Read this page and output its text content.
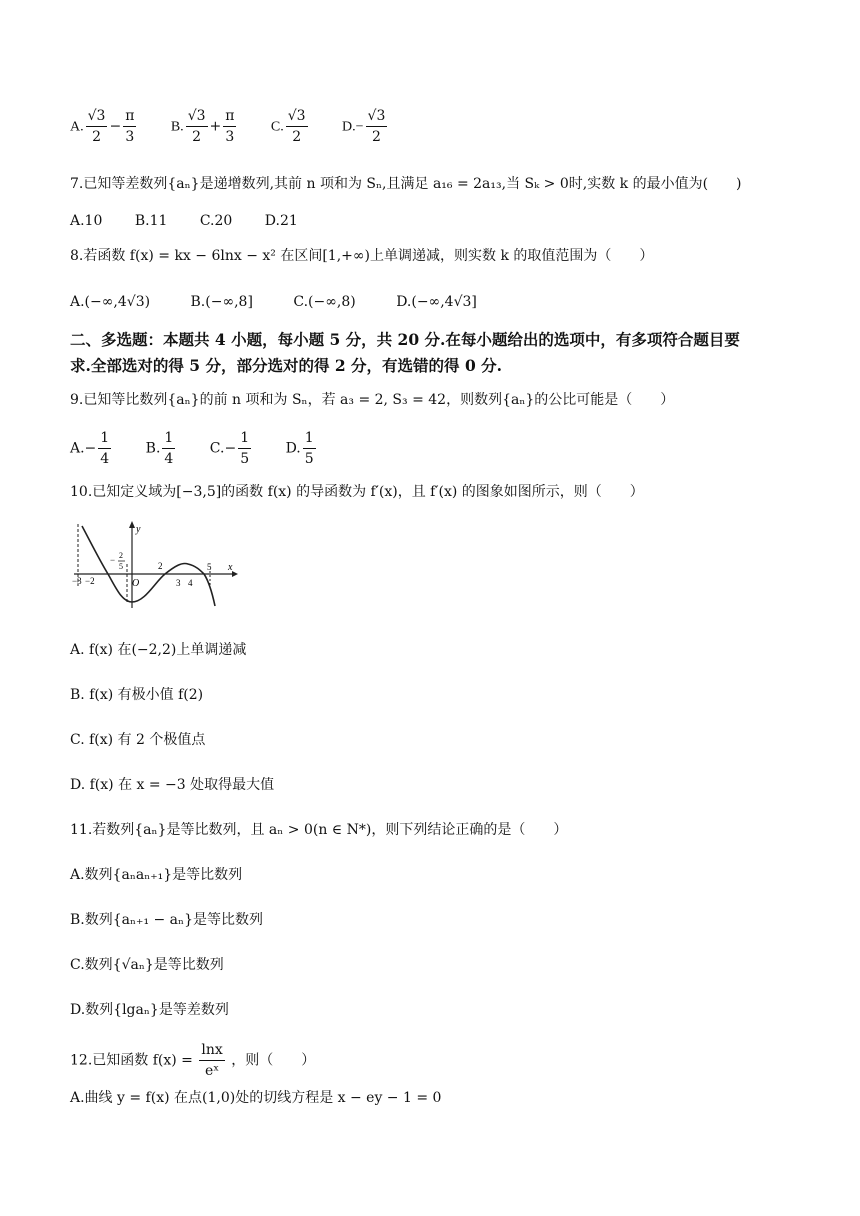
A. $\frac{√3}{2} - \frac{\pi}{3} B$. $\frac{√3}{2} + \frac{\pi}{3} C$. $\frac{√3}{2} D.- \frac{√3}{2}$
7.已知等差数列{aₙ}是递增数列,其前 n 项和为 Sₙ,且满足 a₁₆ = 2a₁₃,当 Sₖ > 0时,实数 k 的最小值为(　　)
A.10 B.11 C.20 D.21
8.若函数 f(x) = kx − 6lnx − x² 在区间[1,+∞)上单调递减，则实数 k 的取值范围为（　　）
A.(−∞,4√3)	B.(−∞,8]	C.(−∞,8)	D.(−∞,4√3]
二、多选题：本题共 4 小题，每小题 5 分，共 20 分.在每小题给出的选项中，有多项符合题目要
求.全部选对的得 5 分，部分选对的得 2 分，有选错的得 0 分.
9.已知等比数列{aₙ}的前 n 项和为 Sₙ，若 a₃ = 2, S₃ = 42，则数列{aₙ}的公比可能是（　　）
$A.- \frac{1}{4} B$. $\frac{1}{4} C.- \frac{1}{5} D$. $\frac{1}{5}$
10.已知定义域为[−3,5]的函数 f(x) 的导函数为 f′(x)，且 f′(x) 的图象如图所示，则（　　）
y
x
O
−3 −2
− 2
5	2
3 4
5
A. f(x) 在(−2,2)上单调递减
B. f(x) 有极小值 f(2)
C. f(x) 有 2 个极值点
D. f(x) 在 x = −3 处取得最大值
11.若数列{aₙ}是等比数列，且 aₙ > 0(n ∈ N*)，则下列结论正确的是（　　）
A.数列{aₙaₙ₊₁}是等比数列
B.数列{aₙ₊₁ − aₙ}是等比数列
C.数列{√aₙ}是等比数列
D.数列{lgaₙ}是等差数列
12.已知函数 $f(x) = \frac{\ln x}{\text{eˣ}}$ ，则（　　）
A.曲线 y = f(x) 在点(1,0)处的切线方程是 x − ey − 1 = 0
